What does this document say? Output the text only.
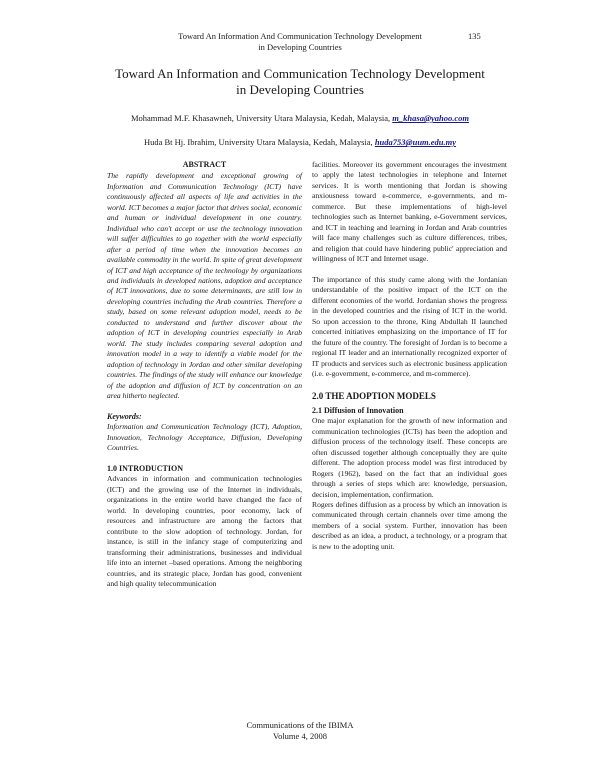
Toward An Information And Communication Technology Development
in Developing Countries
135
Toward An Information and Communication Technology Development
in Developing Countries
Mohammad M.F. Khasawneh, University Utara Malaysia, Kedah, Malaysia, m_khasa@yahoo.com
Huda Bt Hj. Ibrahim, University Utara Malaysia, Kedah, Malaysia, huda753@uum.edu.my
ABSTRACT

The rapidly development and exceptional growing of Information and Communication Technology (ICT) have continuously affected all aspects of life and activities in the world. ICT becomes a major factor that drives social, economic and human or individual development in one country. Individual who can't accept or use the technology innovation will suffer difficulties to go together with the world especially after a period of time when the innovation becomes an available commodity in the world. In spite of great development of ICT and high acceptance of the technology by organizations and individuals in developed nations, adoption and acceptance of ICT innovations, due to some determinants, are still low in developing countries including the Arab countries. Therefore a study, based on some relevant adoption model, needs to be conducted to understand and further discover about the adoption of ICT in developing countries especially in Arab world. The study includes comparing several adoption and innovation model in a way to identify a viable model for the adoption of technology in Jordan and other similar developing countries. The findings of the study will enhance our knowledge of the adoption and diffusion of ICT by concentration on an area hitherto neglected.

Keywords:

Information and Communication Technology (ICT), Adoption, Innovation, Technology Acceptance, Diffusion, Developing Countries.

1.0 INTRODUCTION

Advances in information and communication technologies (ICT) and the growing use of the Internet in individuals, organizations in the entire world have changed the face of world. In developing countries, poor economy, lack of resources and infrastructure are among the factors that contribute to the slow adoption of technology. Jordan, for instance, is still in the infancy stage of computerizing and transforming their administrations, businesses and individual life into an internet –based operations. Among the neighboring countries, and its strategic place, Jordan has good, convenient and high quality telecommunication

facilities. Moreover its government encourages the investment to apply the latest technologies in telephone and Internet services. It is worth mentioning that Jordan is showing anxiousness toward e-commerce, e-governments, and m-commerce. But these implementations of high-level technologies such as Internet banking, e-Government services, and ICT in teaching and learning in Jordan and Arab countries will face many challenges such as culture differences, tribes, and religion that could have hindering public' appreciation and willingness of ICT and Internet usage.

The importance of this study came along with the Jordanian understandable of the positive impact of the ICT on the different economies of the world. Jordanian shows the progress in the developed countries and the rising of ICT in the world. So upon accession to the throne, King Abdullah II launched concerted initiatives emphasizing on the importance of IT for the future of the country. The foresight of Jordan is to become a regional IT leader and an internationally recognized exporter of IT products and services such as electronic business application (i.e. e-government, e-commerce, and m-commerce).

2.0 THE ADOPTION MODELS
2.1 Diffusion of Innovation

One major explanation for the growth of new information and communication technologies (ICTs) has been the adoption and diffusion process of the technology itself. These concepts are often discussed together although conceptually they are quite different. The adoption process model was first introduced by Rogers (1962), based on the fact that an individual goes through a series of steps which are: knowledge, persuasion, decision, implementation, confirmation.

Rogers defines diffusion as a process by which an innovation is communicated through certain channels over time among the members of a social system. Further, innovation has been described as an idea, a product, a technology, or a program that is new to the adopting unit.

Communications of the IBIMA
Volume 4, 2008
